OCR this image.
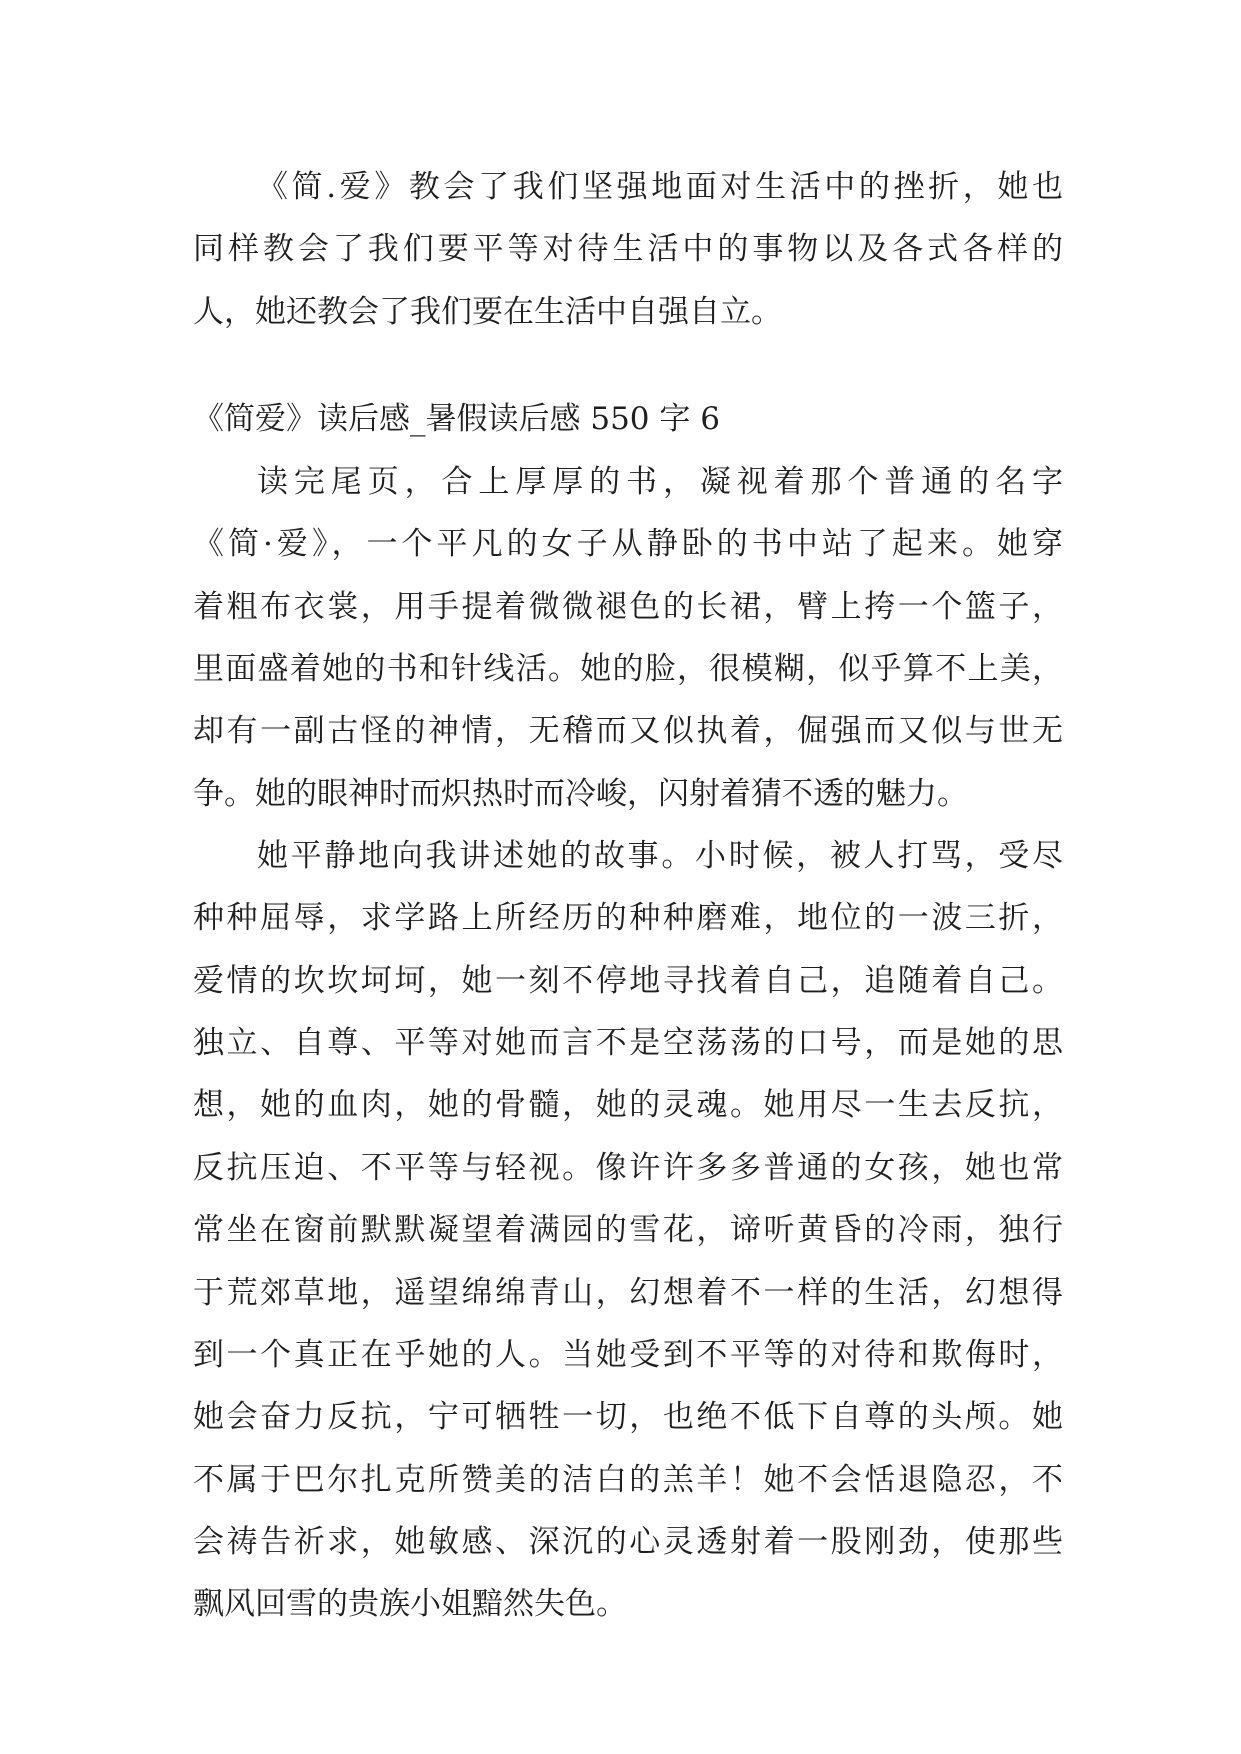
《简.爱》教会了我们坚强地面对生活中的挫折，她也
同样教会了我们要平等对待生活中的事物以及各式各样的
人，她还教会了我们要在生活中自强自立。
《简爱》读后感_暑假读后感 550 字 6
读完尾页，合上厚厚的书，凝视着那个普通的名字
《简·爱》，一个平凡的女子从静卧的书中站了起来。她穿
着粗布衣裳，用手提着微微褪色的长裙，臂上挎一个篮子，
里面盛着她的书和针线活。她的脸，很模糊，似乎算不上美，
却有一副古怪的神情，无稽而又似执着，倔强而又似与世无
争。她的眼神时而炽热时而冷峻，闪射着猜不透的魅力。
她平静地向我讲述她的故事。小时候，被人打骂，受尽
种种屈辱，求学路上所经历的种种磨难，地位的一波三折，
爱情的坎坎坷坷，她一刻不停地寻找着自己，追随着自己。
独立、自尊、平等对她而言不是空荡荡的口号，而是她的思
想，她的血肉，她的骨髓，她的灵魂。她用尽一生去反抗，
反抗压迫、不平等与轻视。像许许多多普通的女孩，她也常
常坐在窗前默默凝望着满园的雪花，谛听黄昏的冷雨，独行
于荒郊草地，遥望绵绵青山，幻想着不一样的生活，幻想得
到一个真正在乎她的人。当她受到不平等的对待和欺侮时，
她会奋力反抗，宁可牺牲一切，也绝不低下自尊的头颅。她
不属于巴尔扎克所赞美的洁白的羔羊！她不会恬退隐忍，不
会祷告祈求，她敏感、深沉的心灵透射着一股刚劲，使那些
飘风回雪的贵族小姐黯然失色。
